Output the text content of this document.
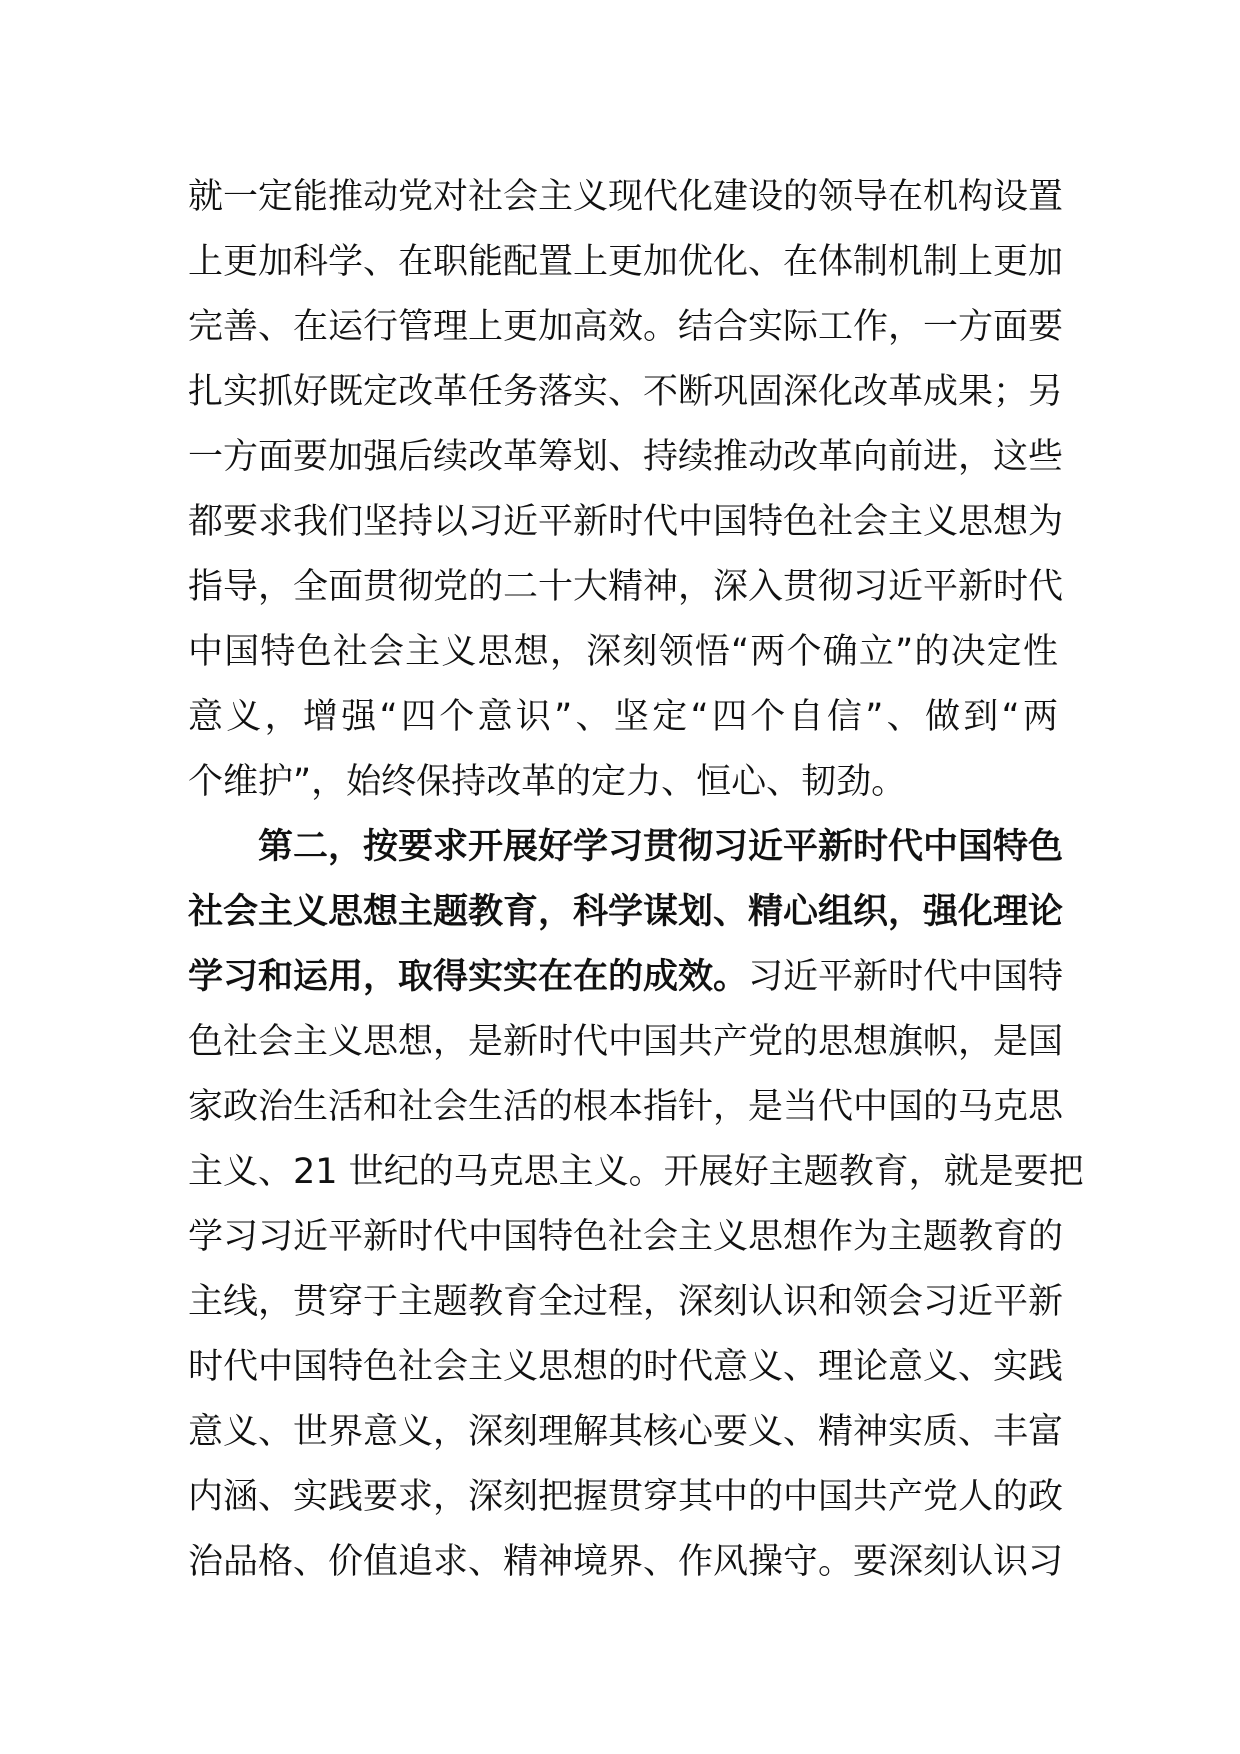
就一定能推动党对社会主义现代化建设的领导在机构设置
上更加科学、在职能配置上更加优化、在体制机制上更加
完善、在运行管理上更加高效。结合实际工作，一方面要
扎实抓好既定改革任务落实、不断巩固深化改革成果；另
一方面要加强后续改革筹划、持续推动改革向前进，这些
都要求我们坚持以习近平新时代中国特色社会主义思想为
指导，全面贯彻党的二十大精神，深入贯彻习近平新时代
中国特色社会主义思想，深刻领悟“两个确立”的决定性
意义，增强“四个意识”、坚定“四个自信”、做到“两
个维护”，始终保持改革的定力、恒心、韧劲。
第二，按要求开展好学习贯彻习近平新时代中国特色
社会主义思想主题教育，科学谋划、精心组织，强化理论
学习和运用，取得实实在在的成效。习近平新时代中国特
色社会主义思想，是新时代中国共产党的思想旗帜，是国
家政治生活和社会生活的根本指针，是当代中国的马克思
主义、21 世纪的马克思主义。开展好主题教育，就是要把
学习习近平新时代中国特色社会主义思想作为主题教育的
主线，贯穿于主题教育全过程，深刻认识和领会习近平新
时代中国特色社会主义思想的时代意义、理论意义、实践
意义、世界意义，深刻理解其核心要义、精神实质、丰富
内涵、实践要求，深刻把握贯穿其中的中国共产党人的政
治品格、价值追求、精神境界、作风操守。要深刻认识习
